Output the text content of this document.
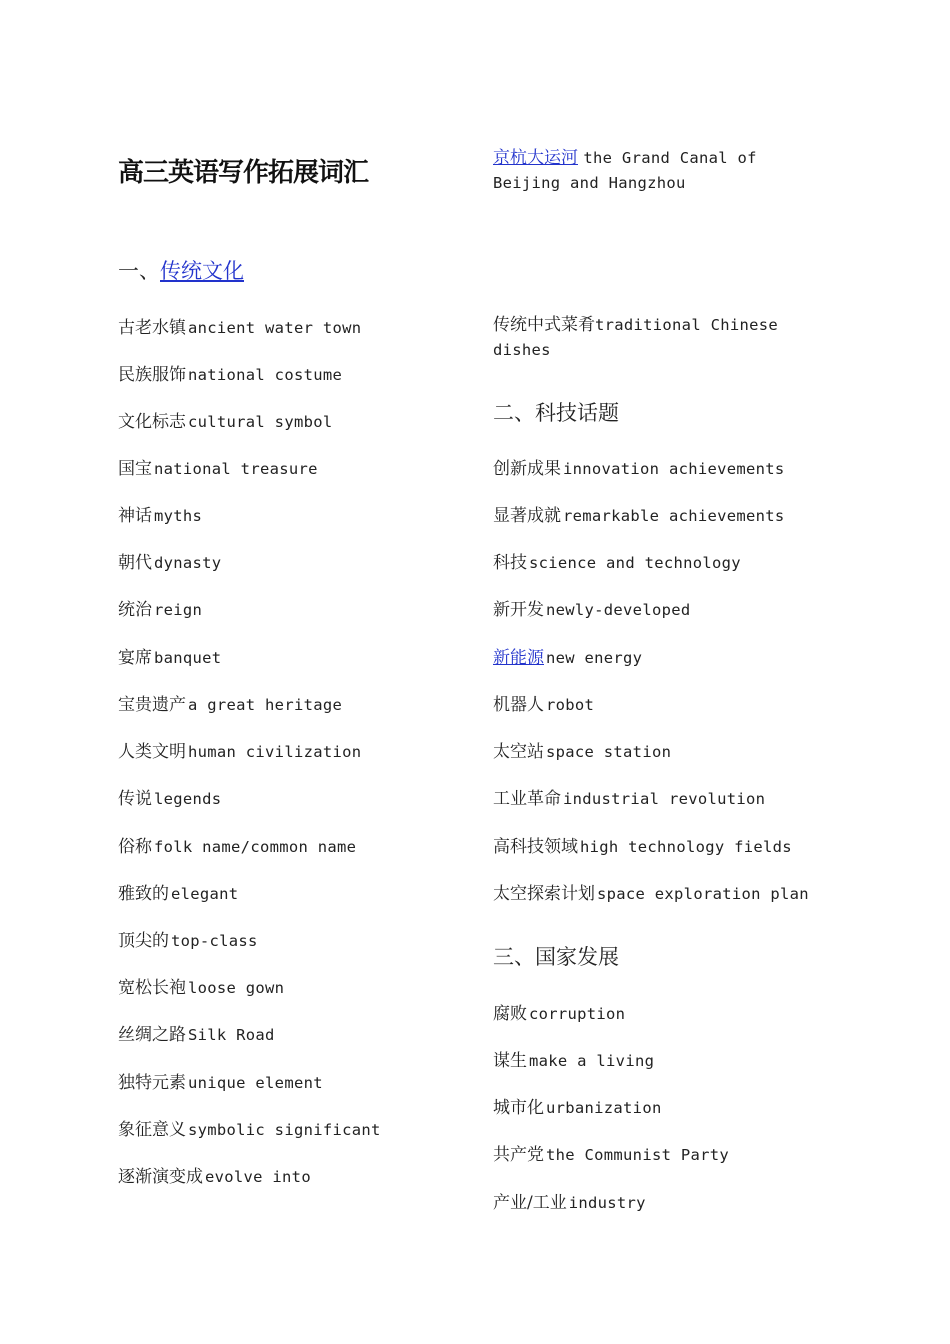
高三英语写作拓展词汇
一、传统文化
古老水镇 ancient water town
民族服饰 national costume
文化标志 cultural symbol
国宝 national treasure
神话 myths
朝代 dynasty
统治 reign
宴席 banquet
宝贵遗产 a great heritage
人类文明 human civilization
传说 legends
俗称 folk name/common name
雅致的 elegant
顶尖的 top-class
宽松长袍 loose gown
丝绸之路 Silk Road
独特元素 unique element
象征意义 symbolic significant
逐渐演变成 evolve into
京杭大运河 the Grand Canal of Beijing and Hangzhou
传统中式菜肴traditional Chinese dishes
二、科技话题
创新成果 innovation achievements
显著成就 remarkable achievements
科技 science and technology
新开发 newly-developed
新能源 new energy
机器人 robot
太空站 space station
工业革命 industrial revolution
高科技领域 high technology fields
太空探索计划 space exploration plan
三、国家发展
腐败 corruption
谋生 make a living
城市化 urbanization
共产党 the Communist Party
产业/工业 industry
